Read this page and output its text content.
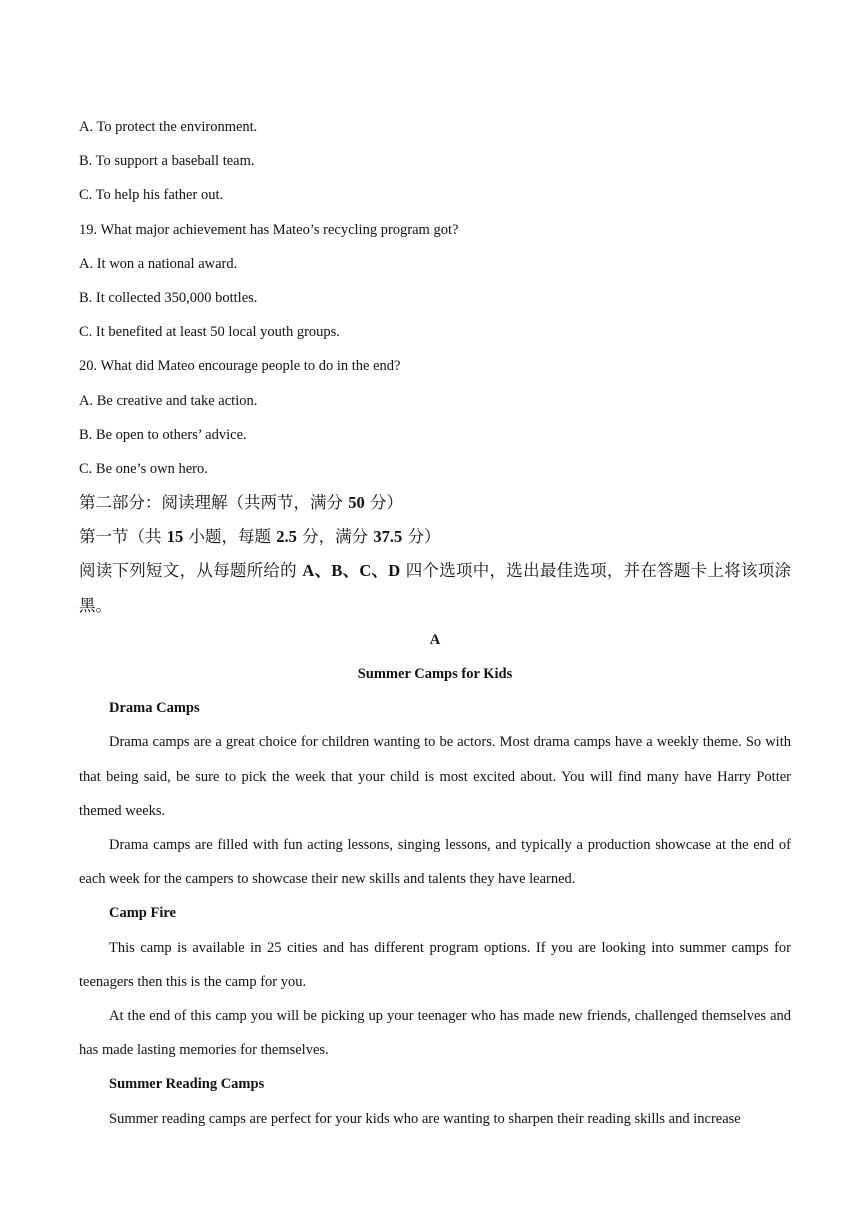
A. To protect the environment.
B. To support a baseball team.
C. To help his father out.
19. What major achievement has Mateo’s recycling program got?
A. It won a national award.
B. It collected 350,000 bottles.
C. It benefited at least 50 local youth groups.
20. What did Mateo encourage people to do in the end?
A. Be creative and take action.
B. Be open to others’ advice.
C. Be one’s own hero.
第二部分：阅读理解（共两节，满分 50 分）
第一节（共 15 小题，每题 2.5 分，满分 37.5 分）
阅读下列短文，从每题所给的 A、B、C、D 四个选项中，选出最佳选项，并在答题卡上将该项涂黑。
A
Summer Camps for Kids
Drama Camps
Drama camps are a great choice for children wanting to be actors. Most drama camps have a weekly theme. So with that being said, be sure to pick the week that your child is most excited about. You will find many have Harry Potter themed weeks.
Drama camps are filled with fun acting lessons, singing lessons, and typically a production showcase at the end of each week for the campers to showcase their new skills and talents they have learned.
Camp Fire
This camp is available in 25 cities and has different program options. If you are looking into summer camps for teenagers then this is the camp for you.
At the end of this camp you will be picking up your teenager who has made new friends, challenged themselves and has made lasting memories for themselves.
Summer Reading Camps
Summer reading camps are perfect for your kids who are wanting to sharpen their reading skills and increase
